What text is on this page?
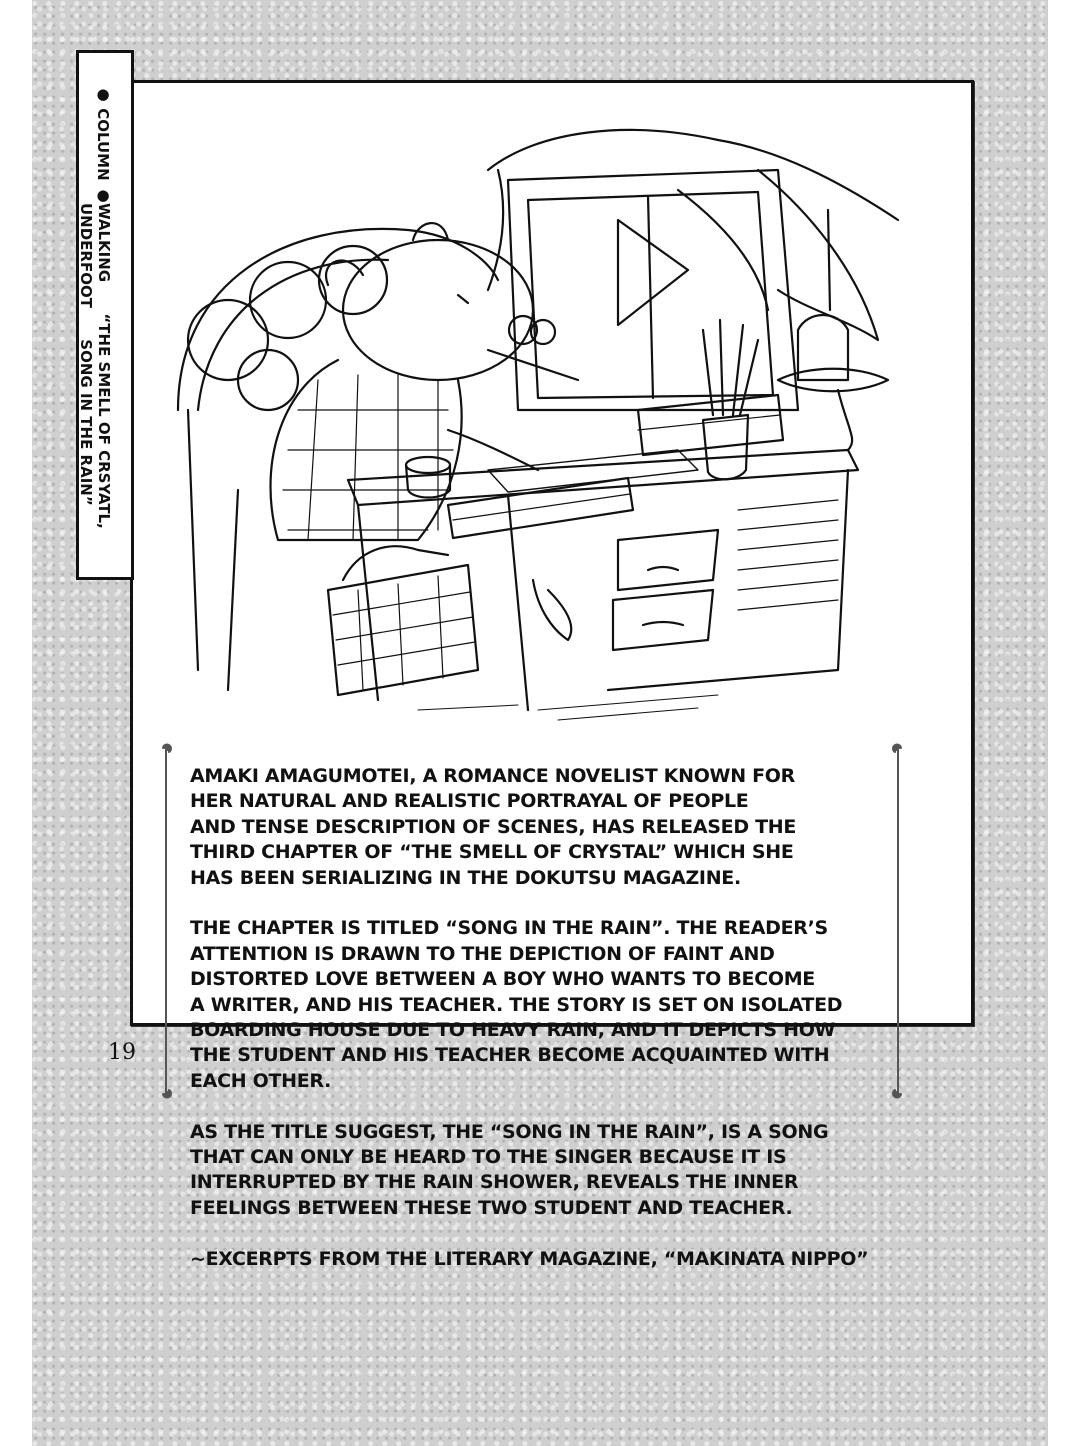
● COLUMN ●
WALKING      “THE SMELL OF CRSYATL,
UNDERFOOT      SONG IN THE RAIN”

AMAKI AMAGUMOTEI, A ROMANCE NOVELIST KNOWN FOR
HER NATURAL AND REALISTIC PORTRAYAL OF PEOPLE
AND TENSE DESCRIPTION OF SCENES, HAS RELEASED THE
THIRD CHAPTER OF “THE SMELL OF CRYSTAL” WHICH SHE
HAS BEEN SERIALIZING IN THE DOKUTSU MAGAZINE.

THE CHAPTER IS TITLED “SONG IN THE RAIN”. THE READER’S
ATTENTION IS DRAWN TO THE DEPICTION OF FAINT AND
DISTORTED LOVE BETWEEN A BOY WHO WANTS TO BECOME
A WRITER, AND HIS TEACHER. THE STORY IS SET ON ISOLATED
BOARDING HOUSE DUE TO HEAVY RAIN, AND IT DEPICTS HOW
THE STUDENT AND HIS TEACHER BECOME ACQUAINTED WITH
EACH OTHER.

AS THE TITLE SUGGEST, THE “SONG IN THE RAIN”, IS A SONG
THAT CAN ONLY BE HEARD TO THE SINGER BECAUSE IT IS
INTERRUPTED BY THE RAIN SHOWER, REVEALS THE INNER
FEELINGS BETWEEN THESE TWO STUDENT AND TEACHER.

~EXCERPTS FROM THE LITERARY MAGAZINE, “MAKINATA NIPPO”

19
